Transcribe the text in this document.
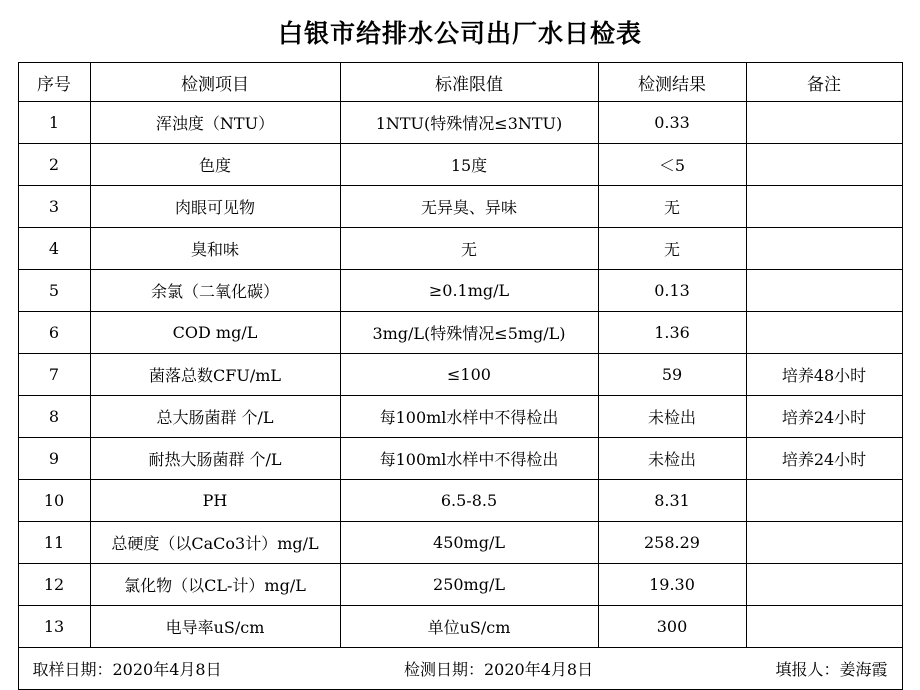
白银市给排水公司出厂水日检表
序号	检测项目	标准限值	检测结果	备注
1	浑浊度（NTU）	1NTU(特殊情况≤3NTU)	0.33	
2	色度	15度	＜5	
3	肉眼可见物	无异臭、异味	无	
4	臭和味	无	无	
5	余氯（二氧化碳）	≥0.1mg/L	0.13	
6	COD mg/L	3mg/L(特殊情况≤5mg/L)	1.36	
7	菌落总数CFU/mL	≤100	59	培养48小时
8	总大肠菌群 个/L	每100ml水样中不得检出	未检出	培养24小时
9	耐热大肠菌群 个/L	每100ml水样中不得检出	未检出	培养24小时
10	PH	6.5-8.5	8.31	
11	总硬度（以CaCo3计）mg/L	450mg/L	258.29	
12	氯化物（以CL-计）mg/L	250mg/L	19.30	
13	电导率uS/cm	单位uS/cm	300	

取样日期：2020年4月8日 检测日期：2020年4月8日 填报人：姜海霞				
